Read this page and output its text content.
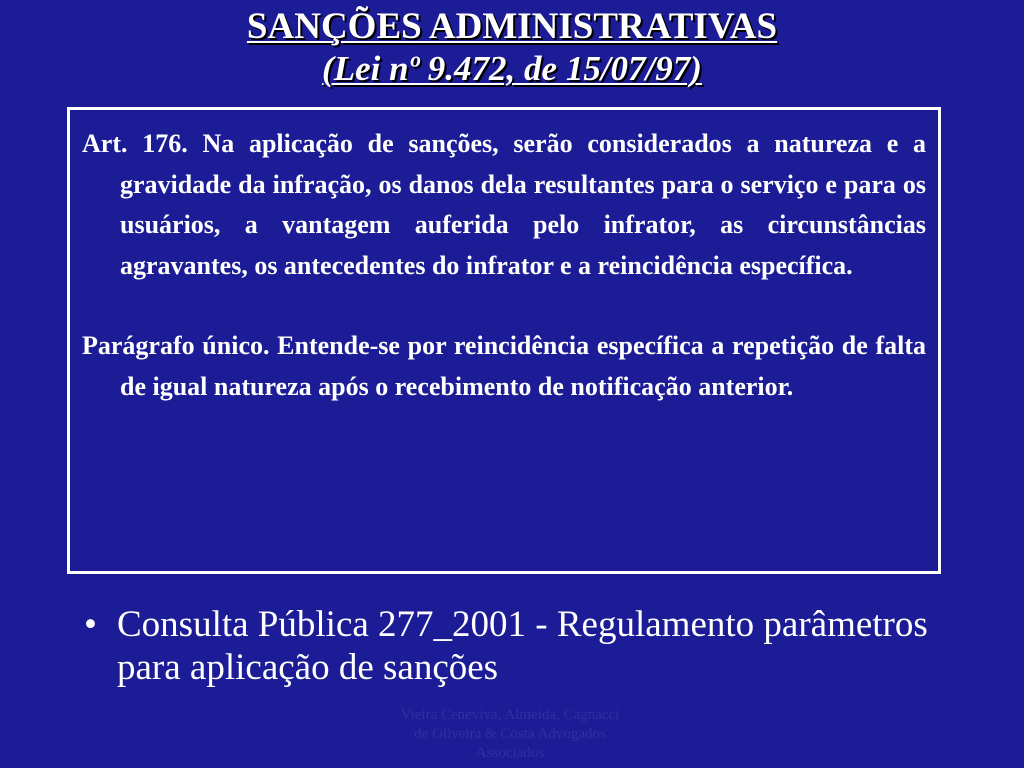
SANÇÕES ADMINISTRATIVAS
(Lei nº 9.472, de 15/07/97)

Art. 176. Na aplicação de sanções, serão considerados a natureza e a gravidade da infração, os danos dela resultantes para o serviço e para os usuários, a vantagem auferida pelo infrator, as circunstâncias agravantes, os antecedentes do infrator e a reincidência específica.

Parágrafo único. Entende-se por reincidência específica a repetição de falta de igual natureza após o recebimento de notificação anterior.

• Consulta Pública 277_2001 - Regulamento parâmetros para aplicação de sanções
Vieira Ceneviva, Almeida, Cagnacci
de Oliveira & Costa Advogados
Associados
